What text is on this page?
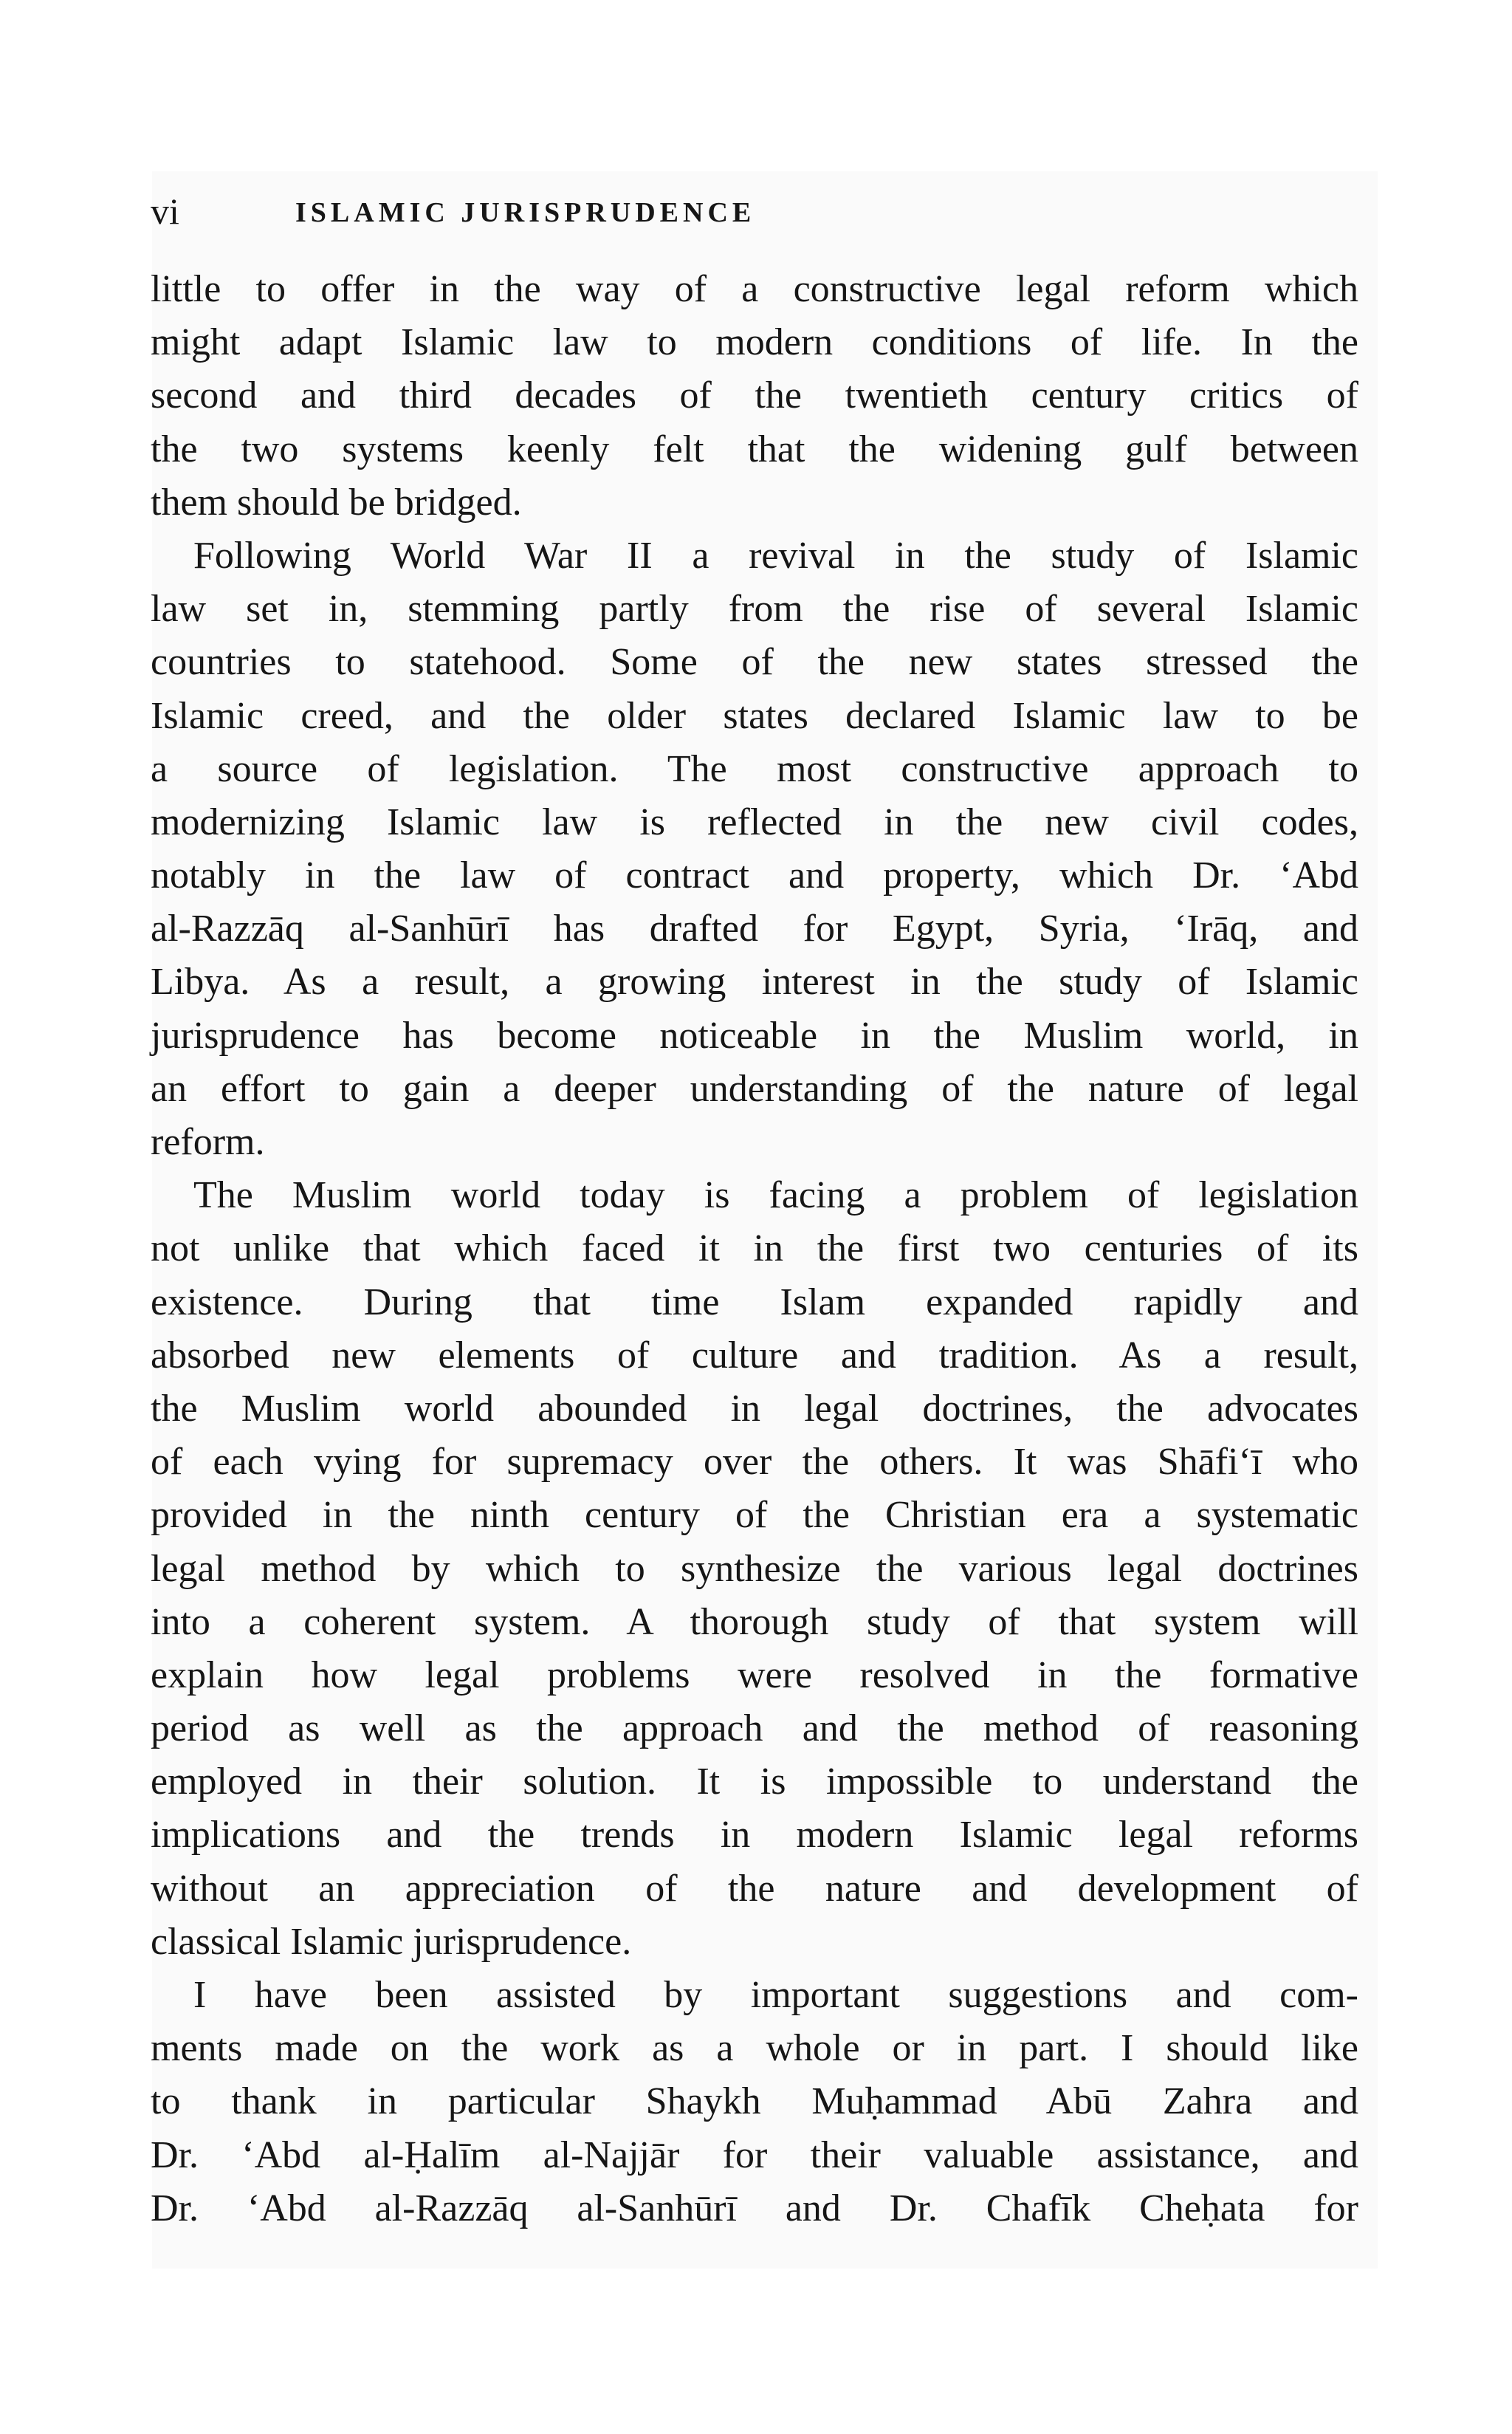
vi	ISLAMIC JURISPRUDENCE
little to offer in the way of a constructive legal reform which
might adapt Islamic law to modern conditions of life. In the
second and third decades of the twentieth century critics of
the two systems keenly felt that the widening gulf between
them should be bridged.
Following World War II a revival in the study of Islamic
law set in, stemming partly from the rise of several Islamic
countries to statehood. Some of the new states stressed the
Islamic creed, and the older states declared Islamic law to be
a source of legislation. The most constructive approach to
modernizing Islamic law is reflected in the new civil codes,
notably in the law of contract and property, which Dr. ‘Abd
al-Razzāq al-Sanhūrī has drafted for Egypt, Syria, ‘Irāq, and
Libya. As a result, a growing interest in the study of Islamic
jurisprudence has become noticeable in the Muslim world, in
an effort to gain a deeper understanding of the nature of legal
reform.
The Muslim world today is facing a problem of legislation
not unlike that which faced it in the first two centuries of its
existence. During that time Islam expanded rapidly and
absorbed new elements of culture and tradition. As a result,
the Muslim world abounded in legal doctrines, the advocates
of each vying for supremacy over the others. It was Shāfi‘ī who
provided in the ninth century of the Christian era a systematic
legal method by which to synthesize the various legal doctrines
into a coherent system. A thorough study of that system will
explain how legal problems were resolved in the formative
period as well as the approach and the method of reasoning
employed in their solution. It is impossible to understand the
implications and the trends in modern Islamic legal reforms
without an appreciation of the nature and development of
classical Islamic jurisprudence.
I have been assisted by important suggestions and com-
ments made on the work as a whole or in part. I should like
to thank in particular Shaykh Muḥammad Abū Zahra and
Dr. ‘Abd al-Ḥalīm al-Najjār for their valuable assistance, and
Dr. ‘Abd al-Razzāq al-Sanhūrī and Dr. Chafīk Cheḥata for
